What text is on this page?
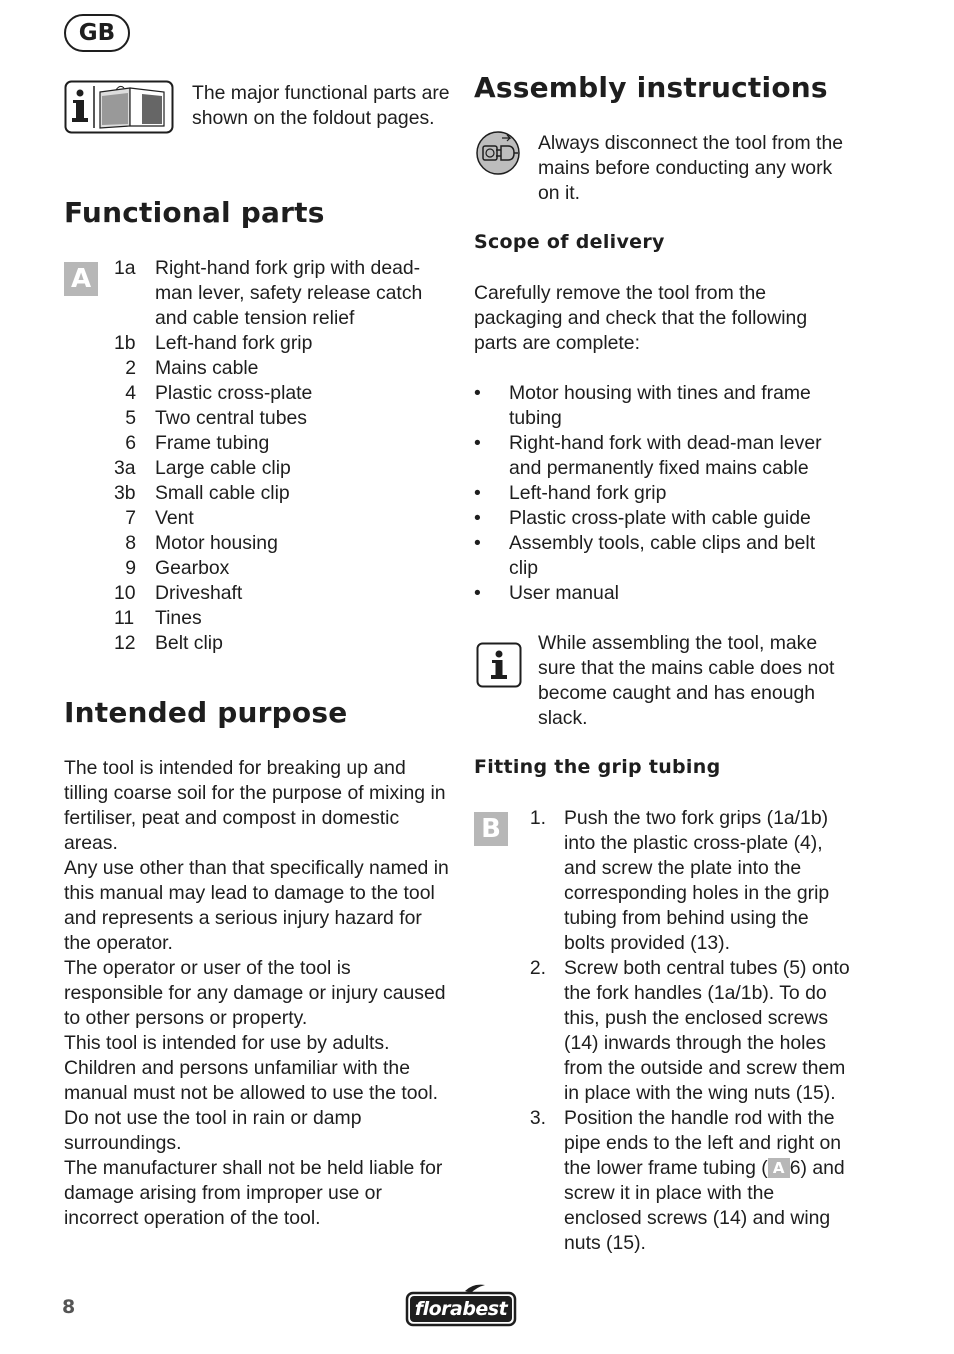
GB
The major functional parts are shown on the foldout pages.
Functional parts
A	1a Right-hand fork grip with dead-man lever, safety release catch and cable tension relief
1b Left-hand fork grip
2 Mains cable
4 Plastic cross-plate
5 Two central tubes
6 Frame tubing
3a Large cable clip
3b Small cable clip
7 Vent
8 Motor housing
9 Gearbox
10 Driveshaft
11 Tines
12 Belt clip
Intended purpose
The tool is intended for breaking up and tilling coarse soil for the purpose of mixing in fertiliser, peat and compost in domestic areas.
Any use other than that specifically named in this manual may lead to damage to the tool and represents a serious injury hazard for the operator.
The operator or user of the tool is responsible for any damage or injury caused to other persons or property.
This tool is intended for use by adults. Children and persons unfamiliar with the manual must not be allowed to use the tool. Do not use the tool in rain or damp surroundings.
The manufacturer shall not be held liable for damage arising from improper use or incorrect operation of the tool.
Assembly instructions
Always disconnect the tool from the mains before conducting any work on it.
Scope of delivery
Carefully remove the tool from the packaging and check that the following parts are complete:
• Motor housing with tines and frame tubing
• Right-hand fork with dead-man lever and permanently fixed mains cable
• Left-hand fork grip
• Plastic cross-plate with cable guide
• Assembly tools, cable clips and belt clip
• User manual
While assembling the tool, make sure that the mains cable does not become caught and has enough slack.
Fitting the grip tubing
B	1. Push the two fork grips (1a/1b) into the plastic cross-plate (4), and screw the plate into the corresponding holes in the grip tubing from behind using the bolts provided (13).
2. Screw both central tubes (5) onto the fork handles (1a/1b). To do this, push the enclosed screws (14) inwards through the holes from the outside and screw them in place with the wing nuts (15).
3. Position the handle rod with the pipe ends to the left and right on the lower frame tubing ( A 6) and screw it in place with the enclosed screws (14) and wing nuts (15).
8	florabest
